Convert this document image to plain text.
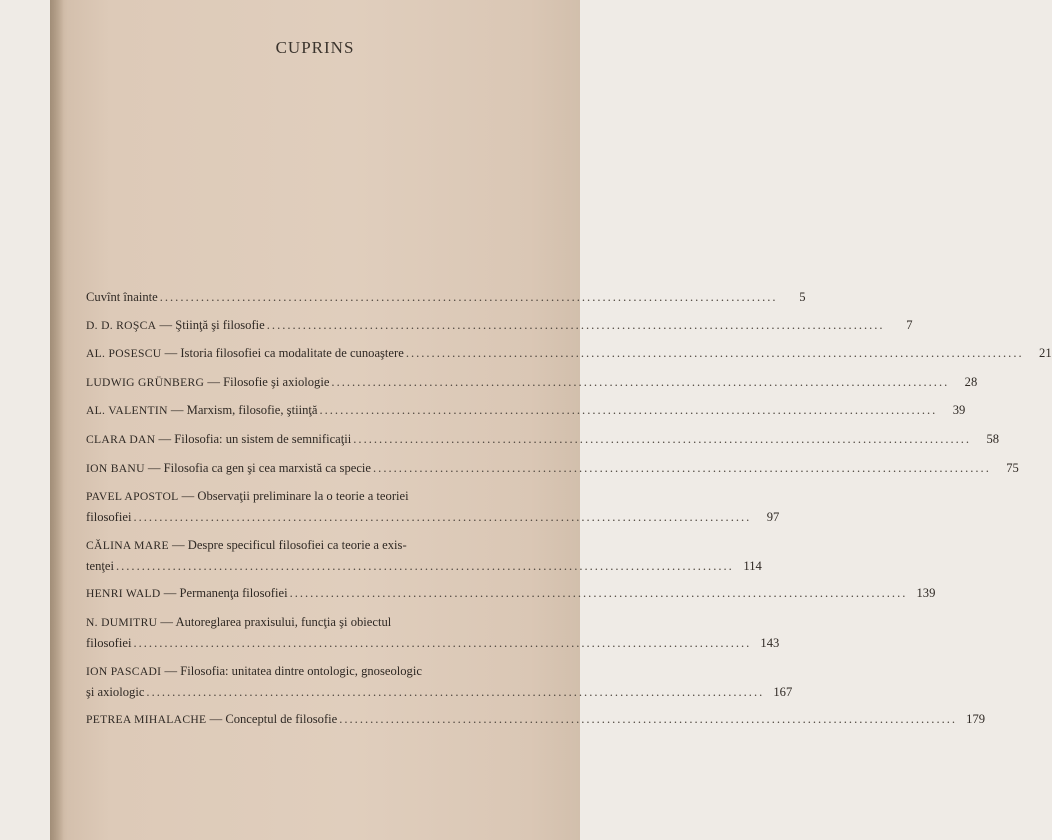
CUPRINS
Cuvînt înainte ........................................................................................................................	5
D. D. ROŞCA — Ştiinţă şi filosofie ........................................................................................................................	7
AL. POSESCU — Istoria filosofiei ca modalitate de cunoaştere ........................................................................................................................	21
LUDWIG GRÜNBERG — Filosofie şi axiologie ........................................................................................................................	28
AL. VALENTIN — Marxism, filosofie, ştiinţă ........................................................................................................................	39
CLARA DAN — Filosofia: un sistem de semnificaţii ........................................................................................................................	58
ION BANU — Filosofia ca gen şi cea marxistă ca specie ........................................................................................................................	75
PAVEL APOSTOL — Observaţii preliminare la o teorie a teoriei
filosofiei ........................................................................................................................	97
CĂLINA MARE — Despre specificul filosofiei ca teorie a exis-
tenţei ........................................................................................................................ 114
HENRI WALD — Permanenţa filosofiei ........................................................................................................................ 139
N. DUMITRU — Autoreglarea praxisului, funcţia şi obiectul
filosofiei ........................................................................................................................ 143
ION PASCADI — Filosofia: unitatea dintre ontologic, gnoseologic
şi axiologic ........................................................................................................................ 167
PETREA MIHALACHE — Conceptul de filosofie ........................................................................................................................ 179
